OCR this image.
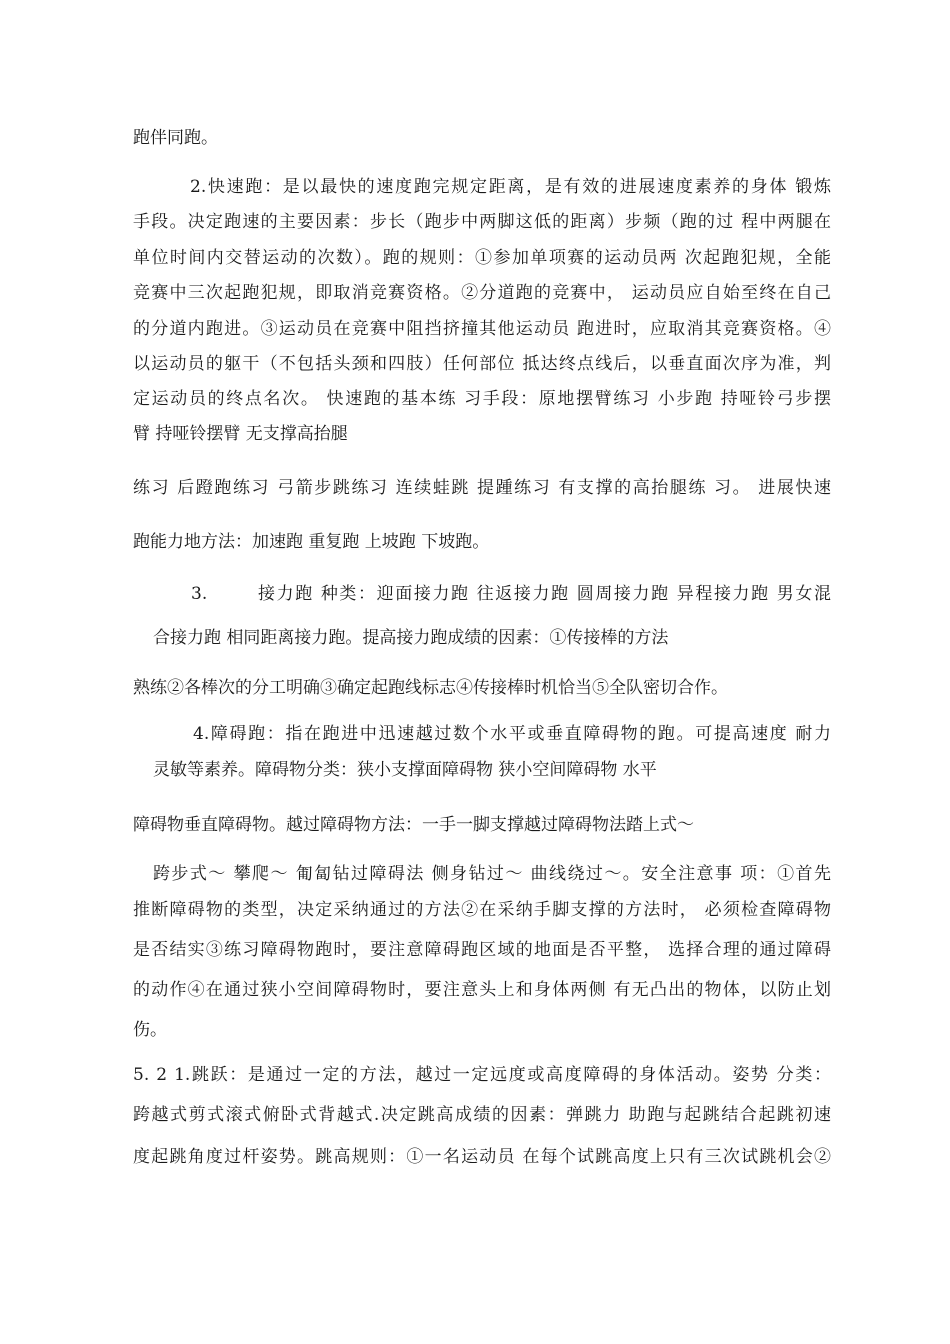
跑伴同跑。
2.快速跑：是以最快的速度跑完规定距离，是有效的进展速度素养的身体 锻炼
手段。决定跑速的主要因素：步长（跑步中两脚这低的距离）步频（跑的过 程中两腿在
单位时间内交替运动的次数）。跑的规则：①参加单项赛的运动员两 次起跑犯规，全能
竞赛中三次起跑犯规，即取消竞赛资格。②分道跑的竞赛中， 运动员应自始至终在自己
的分道内跑进。③运动员在竞赛中阻挡挤撞其他运动员 跑进时，应取消其竞赛资格。④
以运动员的躯干（不包括头颈和四肢）任何部位 抵达终点线后，以垂直面次序为准，判
定运动员的终点名次。 快速跑的基本练 习手段：原地摆臂练习 小步跑 持哑铃弓步摆
臂 持哑铃摆臂 无支撑高抬腿
练习 后蹬跑练习 弓箭步跳练习 连续蛙跳 提踵练习 有支撑的高抬腿练 习。 进展快速
跑能力地方法：加速跑 重复跑 上坡跑 下坡跑。
3.	接力跑 种类：迎面接力跑 往返接力跑 圆周接力跑 异程接力跑 男女混
合接力跑 相同距离接力跑。提高接力跑成绩的因素：①传接棒的方法
熟练②各棒次的分工明确③确定起跑线标志④传接棒时机恰当⑤全队密切合作。
4.障碍跑：指在跑进中迅速越过数个水平或垂直障碍物的跑。可提高速度 耐力
灵敏等素养。障碍物分类：狭小支撑面障碍物 狭小空间障碍物 水平
障碍物垂直障碍物。越过障碍物方法：一手一脚支撑越过障碍物法踏上式〜
跨步式〜 攀爬〜 匍匐钻过障碍法 侧身钻过〜 曲线绕过〜。安全注意事 项：①首先
推断障碍物的类型，决定采纳通过的方法②在采纳手脚支撑的方法时， 必须检查障碍物
是否结实③练习障碍物跑时，要注意障碍跑区域的地面是否平整， 选择合理的通过障碍
的动作④在通过狭小空间障碍物时，要注意头上和身体两侧 有无凸出的物体，以防止划
伤。
5. 2 1.跳跃：是通过一定的方法，越过一定远度或高度障碍的身体活动。姿势 分类：
跨越式剪式滚式俯卧式背越式.决定跳高成绩的因素：弹跳力 助跑与起跳结合起跳初速
度起跳角度过杆姿势。跳高规则：①一名运动员 在每个试跳高度上只有三次试跳机会②
